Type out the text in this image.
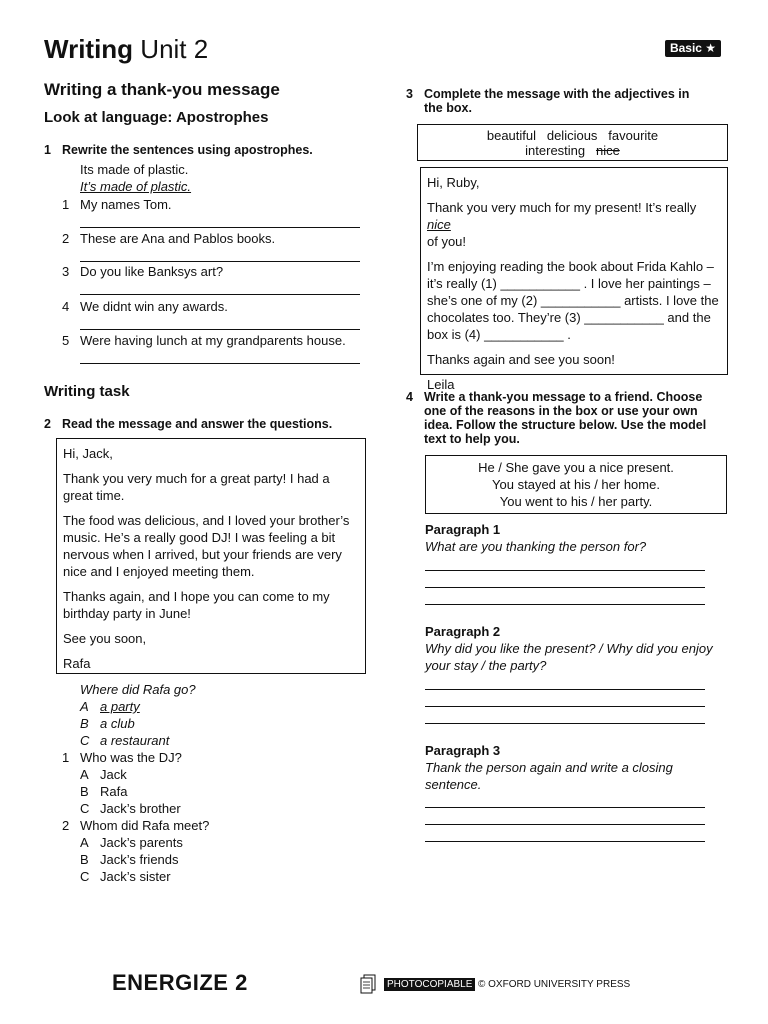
Writing Unit 2	Basic ★
Writing a thank-you message
Look at language: Apostrophes
1 Rewrite the sentences using apostrophes.
Its made of plastic.
It’s made of plastic.
1 My names Tom.
2 These are Ana and Pablos books.
3 Do you like Banksys art?
4 We didnt win any awards.
5 Were having lunch at my grandparents house.
Writing task
2 Read the message and answer the questions.

Hi, Jack,

Thank you very much for a great party! I had a great time.

The food was delicious, and I loved your brother’s music. He’s a really good DJ! I was feeling a bit nervous when I arrived, but your friends are very nice and I enjoyed meeting them.

Thanks again, and I hope you can come to my birthday party in June!

See you soon,

Rafa

Where did Rafa go?
A a party
B a club
C a restaurant
1 Who was the DJ?
A Jack
B Rafa
C Jack’s brother
2 Whom did Rafa meet?
A Jack’s parents
B Jack’s friends
C Jack’s sister
3 Complete the message with the adjectives in
the box.
beautiful   delicious   favourite
interesting nice

Hi, Ruby,

Thank you very much for my present! It’s really nice
of you!

I’m enjoying reading the book about Frida Kahlo –
it’s really (1) ___________ . I love her paintings –
she’s one of my (2) ___________ artists. I love the
chocolates too. They’re (3) ___________ and the
box is (4) ___________ .

Thanks again and see you soon!

Leila

4 Write a thank-you message to a friend. Choose
one of the reasons in the box or use your own
idea. Follow the structure below. Use the model
text to help you.
He / She gave you a nice present.
You stayed at his / her home.
You went to his / her party.
Paragraph 1
What are you thanking the person for?
Paragraph 2
Why did you like the present? / Why did you enjoy
your stay / the party?
Paragraph 3
Thank the person again and write a closing
sentence.
ENERGIZE 2	PHOTOCOPIABLE © OXFORD UNIVERSITY PRESS
